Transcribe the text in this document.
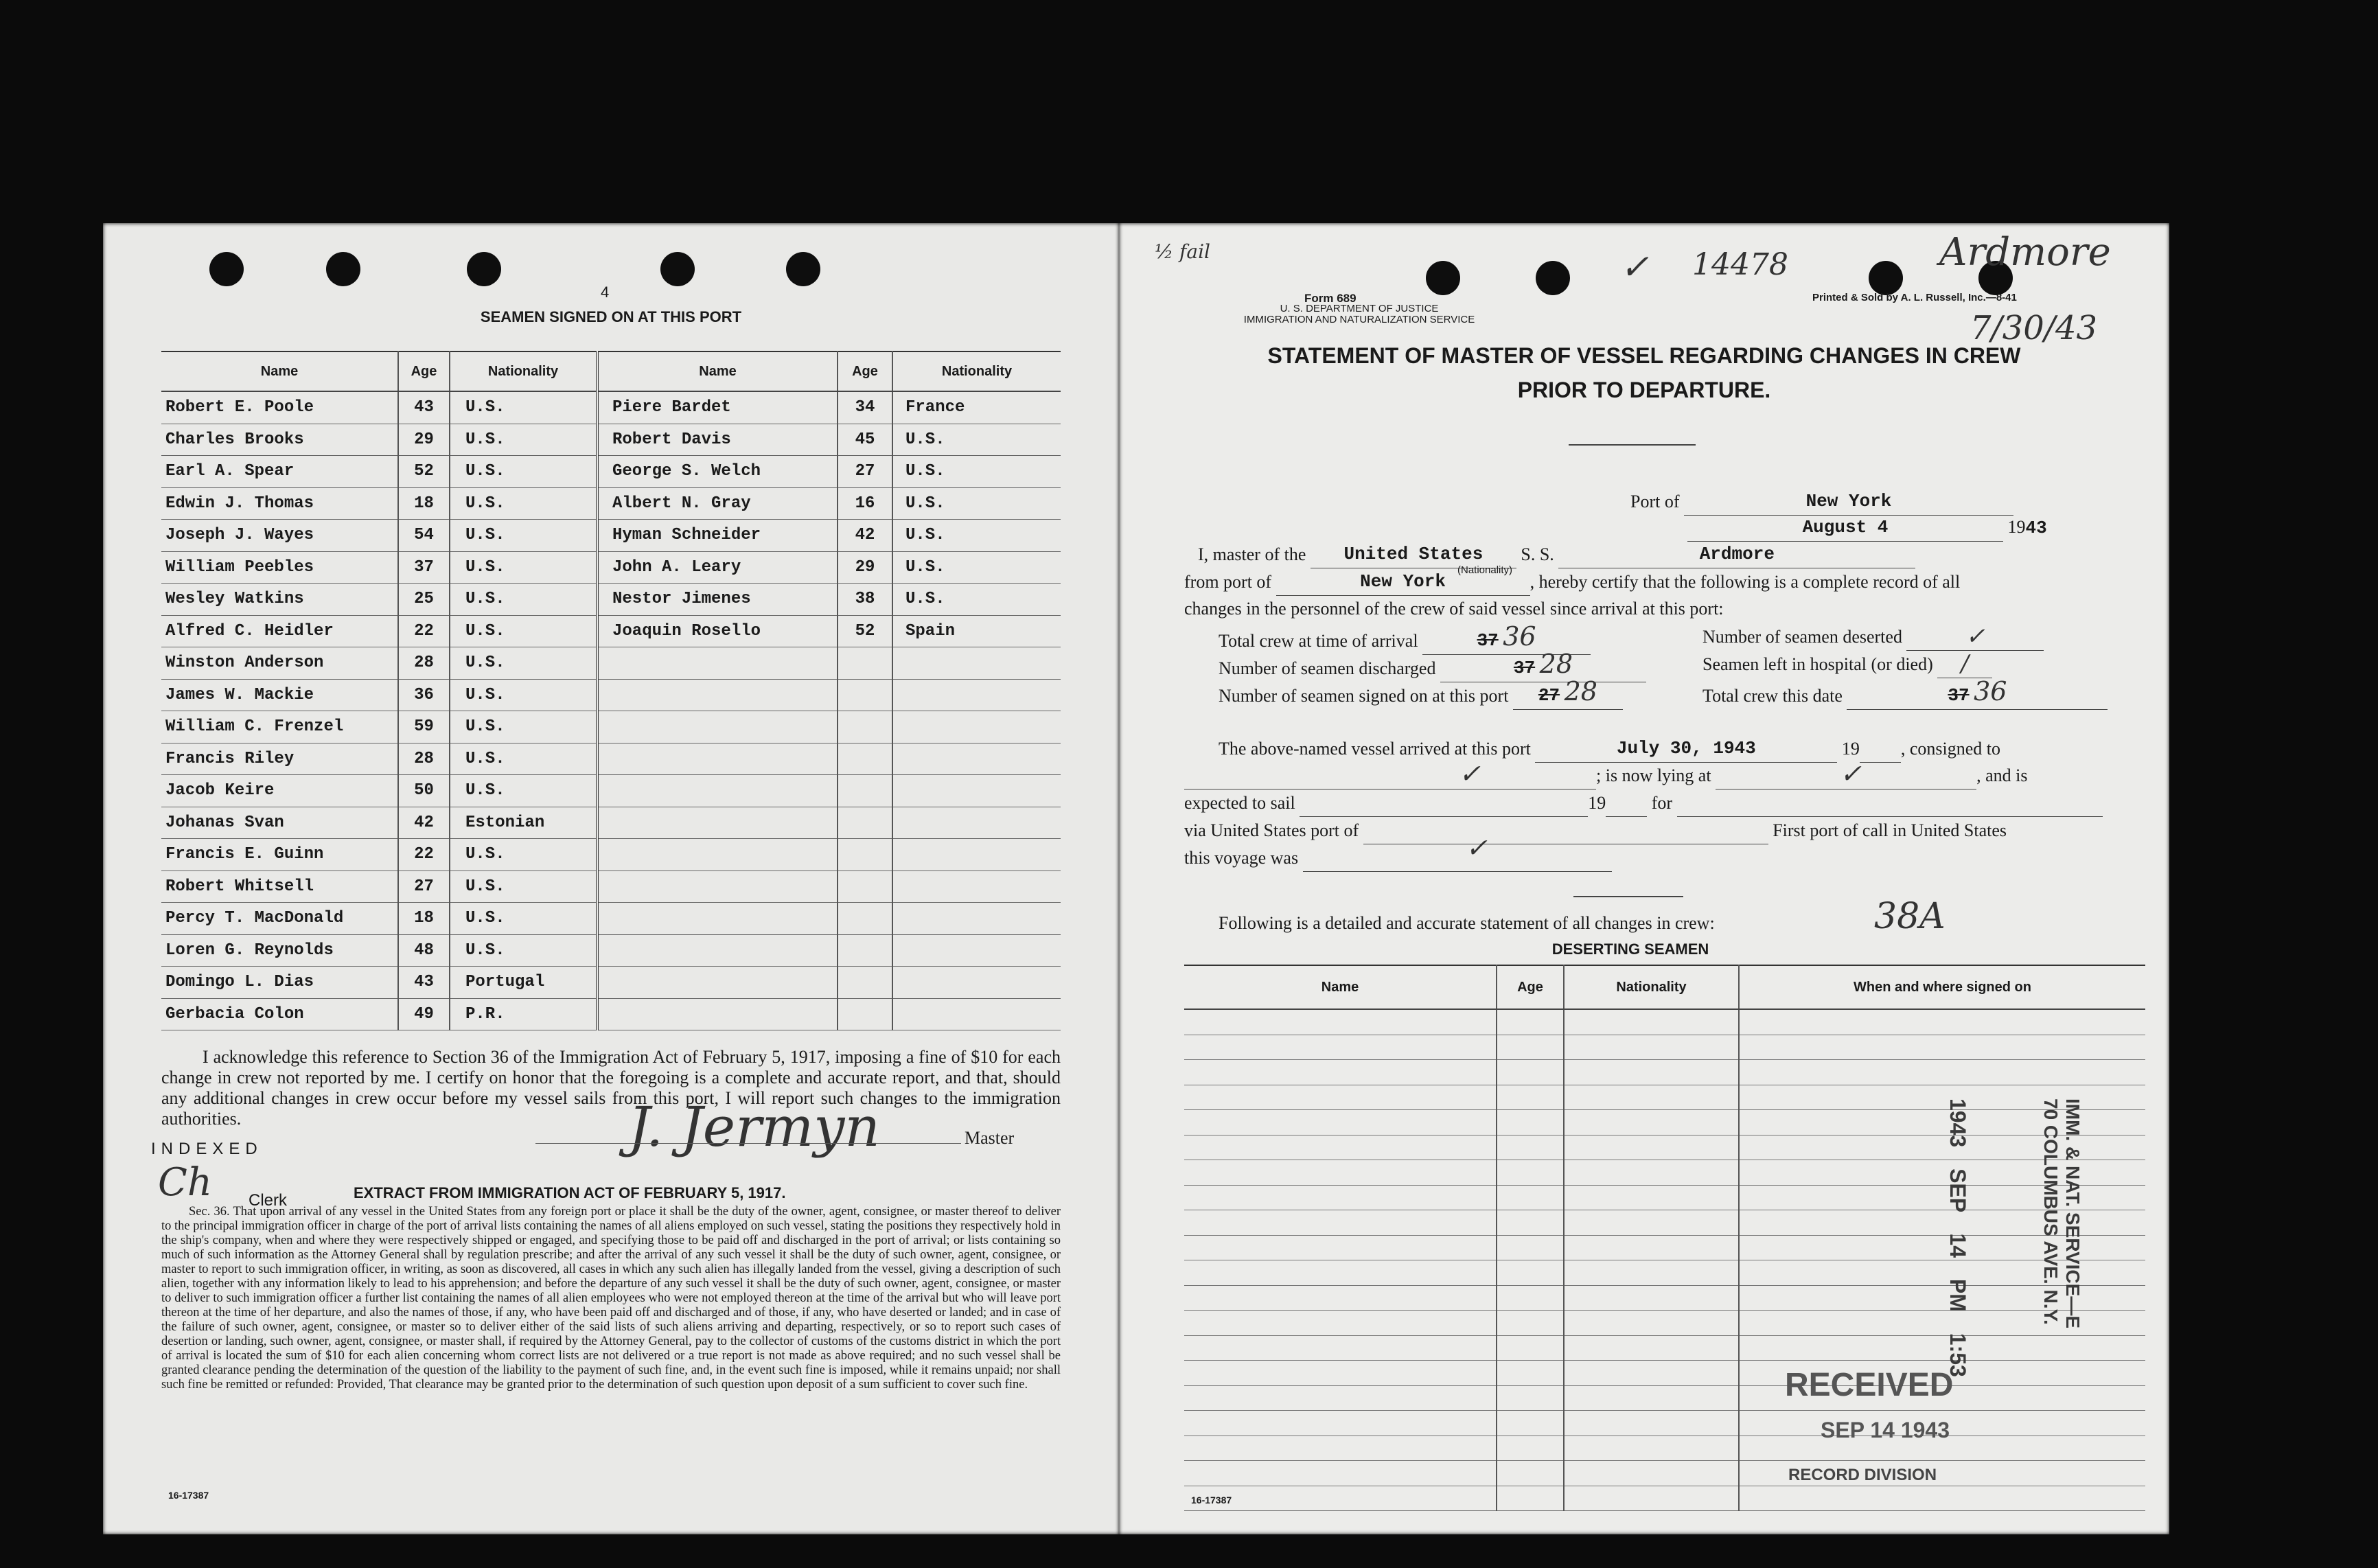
4
SEAMEN SIGNED ON AT THIS PORT
Name	Age	Nationality	Name	Age	Nationality
Robert E. Poole	43	U.S.	Piere Bardet	34	France
Charles Brooks	29	U.S.	Robert Davis	45	U.S.
Earl A. Spear	52	U.S.	George S. Welch	27	U.S.
Edwin J. Thomas	18	U.S.	Albert N. Gray	16	U.S.
Joseph J. Wayes	54	U.S.	Hyman Schneider	42	U.S.
William Peebles	37	U.S.	John A. Leary	29	U.S.
Wesley Watkins	25	U.S.	Nestor Jimenes	38	U.S.
Alfred C. Heidler	22	U.S.	Joaquin Rosello	52	Spain
Winston Anderson	28	U.S.			
James W. Mackie	36	U.S.			
William C. Frenzel	59	U.S.			
Francis Riley	28	U.S.			
Jacob Keire	50	U.S.			
Johanas Svan	42	Estonian			
Francis E. Guinn	22	U.S.			
Robert Whitsell	27	U.S.			
Percy T. MacDonald	18	U.S.			
Loren G. Reynolds	48	U.S.			
Domingo L. Dias	43	Portugal			
Gerbacia Colon	49	P.R.			
I acknowledge this reference to Section 36 of the Immigration Act of February 5, 1917, imposing a fine of $10 for each change in crew not reported by me. I certify on honor that the foregoing is a complete and accurate report, and that, should any additional changes in crew occur before my vessel sails from this port, I will report such changes to the immigration authorities.	J. Jermyn	Master
INDEXED
Ch Clerk	EXTRACT FROM IMMIGRATION ACT OF FEBRUARY 5, 1917.
Sec. 36. That upon arrival of any vessel in the United States from any foreign port or place it shall be the duty of the owner, agent, consignee, or master thereof to deliver to the principal immigration officer in charge of the port of arrival lists containing the names of all aliens employed on such vessel, stating the positions they respectively hold in the ship's company, when and where they were respectively shipped or engaged, and specifying those to be paid off and discharged in the port of arrival; or lists containing so much of such information as the Attorney General shall by regulation prescribe; and after the arrival of any such vessel it shall be the duty of such owner, agent, consignee, or master to report to such immigration officer, in writing, as soon as discovered, all cases in which any such alien has illegally landed from the vessel, giving a description of such alien, together with any information likely to lead to his apprehension; and before the departure of any such vessel it shall be the duty of such owner, agent, consignee, or master to deliver to such immigration officer a further list containing the names of all alien employees who were not employed thereon at the time of the arrival but who will leave port thereon at the time of her departure, and also the names of those, if any, who have been paid off and discharged and of those, if any, who have deserted or landed; and in case of the failure of such owner, agent, consignee, or master so to deliver either of the said lists of such aliens arriving and departing, respectively, or so to report such cases of desertion or landing, such owner, agent, consignee, or master shall, if required by the Attorney General, pay to the collector of customs of the customs district in which the port of arrival is located the sum of $10 for each alien concerning whom correct lists are not delivered or a true report is not made as above required; and no such vessel shall be granted clearance pending the determination of the question of the liability to the payment of such fine, and, in the event such fine is imposed, while it remains unpaid; nor shall such fine be remitted or refunded: Provided, That clearance may be granted prior to the determination of such question upon deposit of a sum sufficient to cover such fine.
16-17387
½ fail	✓ 14478	Ardmore
7/30/43
Form 689
U. S. DEPARTMENT OF JUSTICE
IMMIGRATION AND NATURALIZATION SERVICE
Printed & Sold by A. L. Russell, Inc.—8-41
STATEMENT OF MASTER OF VESSEL REGARDING CHANGES IN CREW
PRIOR TO DEPARTURE.
Port of	New York
August 4	1943
I, master of the United States S. S.	Ardmore
(Nationality)
from port of	New York	, hereby certify that the following is a complete record of all
changes in the personnel of the crew of said vessel since arrival at this port:
Total crew at time of arrival	37 36	Number of seamen deserted	✓
Number of seamen discharged	37 28	Seamen left in hospital (or died) /
Number of seamen signed on at this port 27 28	Total crew this date	37 36
The above-named vessel arrived at this port	July 30, 1943	19 , consigned to
; is now lying at	, and is
expected to sail	19	for
via United States port of	First port of call in United States
this voyage was
✓	✓
✓
Following is a detailed and accurate statement of all changes in crew:	38A
DESERTING SEAMEN
Name	Age	Nationality	When and where signed on

IMM. & NAT. SERVICE—E
70 COLUMBUS AVE. N.Y.
1943 SEP 14 PM 1:53
RECEIVED
SEP 14 1943
RECORD DIVISION
16-17387
